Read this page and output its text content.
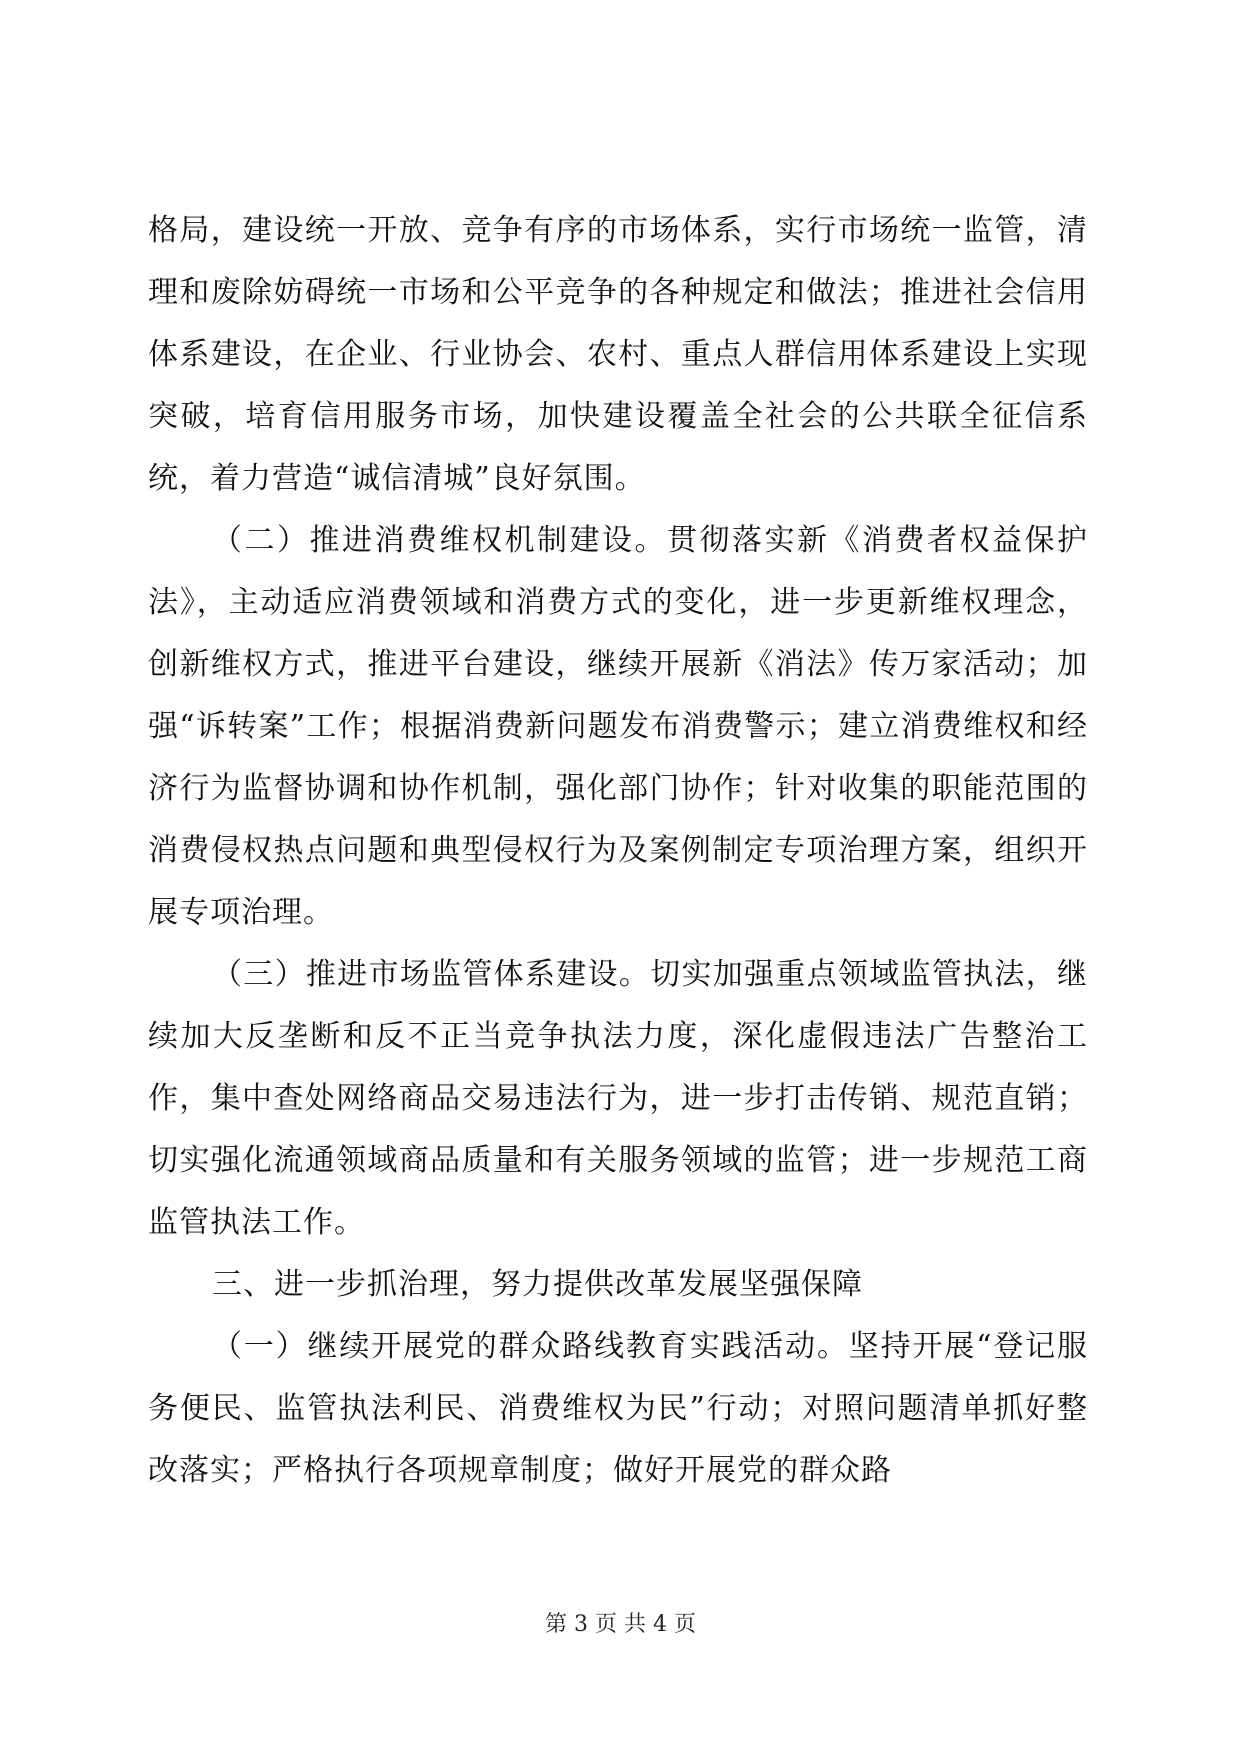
格局，建设统一开放、竞争有序的市场体系，实行市场统一监管，清理和废除妨碍统一市场和公平竞争的各种规定和做法；推进社会信用体系建设，在企业、行业协会、农村、重点人群信用体系建设上实现突破，培育信用服务市场，加快建设覆盖全社会的公共联全征信系统，着力营造“诚信清城”良好氛围。

（二）推进消费维权机制建设。贯彻落实新《消费者权益保护法》，主动适应消费领域和消费方式的变化，进一步更新维权理念，创新维权方式，推进平台建设，继续开展新《消法》传万家活动；加强“诉转案”工作；根据消费新问题发布消费警示；建立消费维权和经济行为监督协调和协作机制，强化部门协作；针对收集的职能范围的消费侵权热点问题和典型侵权行为及案例制定专项治理方案，组织开展专项治理。

（三）推进市场监管体系建设。切实加强重点领域监管执法，继续加大反垄断和反不正当竞争执法力度，深化虚假违法广告整治工作，集中查处网络商品交易违法行为，进一步打击传销、规范直销；切实强化流通领域商品质量和有关服务领域的监管；进一步规范工商监管执法工作。

三、进一步抓治理，努力提供改革发展坚强保障

（一）继续开展党的群众路线教育实践活动。坚持开展“登记服务便民、监管执法利民、消费维权为民”行动；对照问题清单抓好整改落实；严格执行各项规章制度；做好开展党的群众路

第 3 页 共 4 页
